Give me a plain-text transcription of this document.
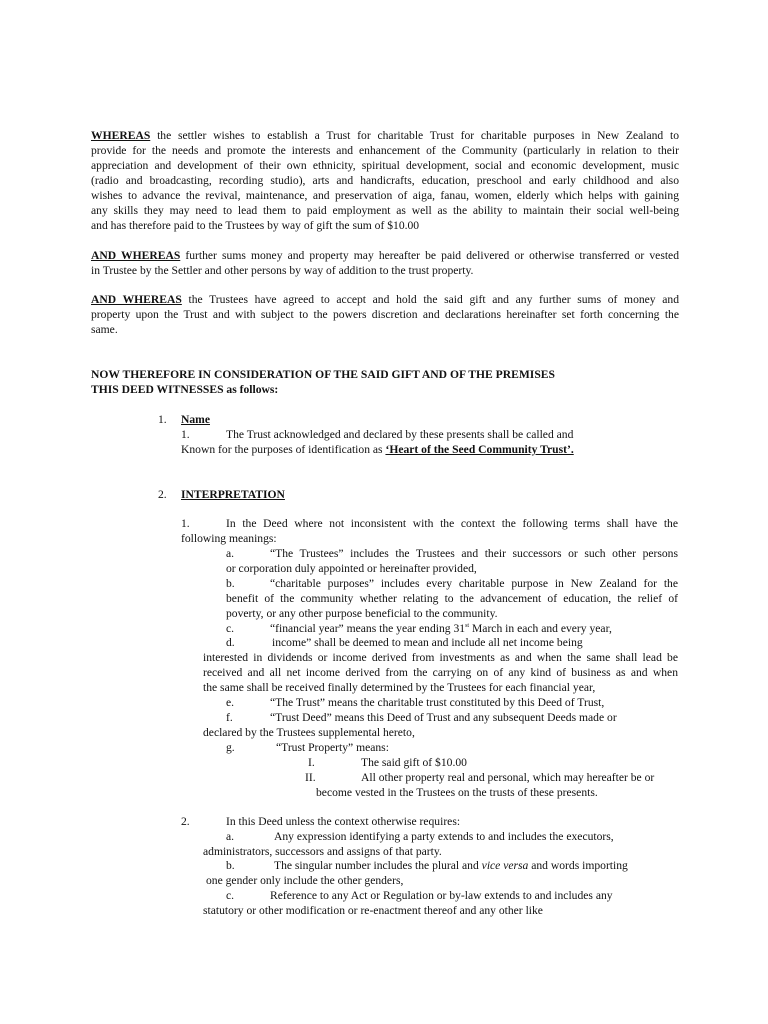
WHEREAS the settler wishes to establish a Trust for charitable Trust for charitable purposes in New Zealand to
provide for the needs and promote the interests and enhancement of the Community (particularly in relation to their
appreciation and development of their own ethnicity, spiritual development, social and economic development, music
(radio and broadcasting, recording studio), arts and handicrafts, education, preschool and early childhood and also
wishes to advance the revival, maintenance, and preservation of aiga, fanau, women, elderly which helps with gaining
any skills they may need to lead them to paid employment as well as the ability to maintain their social well-being
and has therefore paid to the Trustees by way of gift the sum of $10.00
AND WHEREAS further sums money and property may hereafter be paid delivered or otherwise transferred or vested
in Trustee by the Settler and other persons by way of addition to the trust property.
AND WHEREAS the Trustees have agreed to accept and hold the said gift and any further sums of money and
property upon the Trust and with subject to the powers discretion and declarations hereinafter set forth concerning the
same.
NOW THEREFORE IN CONSIDERATION OF THE SAID GIFT AND OF THE PREMISES
THIS DEED WITNESSES as follows:
1. Name
1.	The Trust acknowledged and declared by these presents shall be called and
Known for the purposes of identification as ‘Heart of the Seed Community Trust’.
2. INTERPRETATION
1.	In the Deed where not inconsistent with the context the following terms shall have the
following meanings:
a.	“The Trustees” includes the Trustees and their successors or such other persons
or corporation duly appointed or hereinafter provided,
b.	“charitable purposes” includes every charitable purpose in New Zealand for the
benefit of the community whether relating to the advancement of education, the relief of
poverty, or any other purpose beneficial to the community.
c.	“financial year” means the year ending 31st March in each and every year,
d.	income” shall be deemed to mean and include all net income being
interested in dividends or income derived from investments as and when the same shall lead be
received and all net income derived from the carrying on of any kind of business as and when
the same shall be received finally determined by the Trustees for each financial year,
e.	“The Trust” means the charitable trust constituted by this Deed of Trust,
f.	“Trust Deed” means this Deed of Trust and any subsequent Deeds made or
declared by the Trustees supplemental hereto,
g.	“Trust Property” means:
I.	The said gift of $10.00
II.	All other property real and personal, which may hereafter be or
become vested in the Trustees on the trusts of these presents.
2.	In this Deed unless the context otherwise requires:
a.	Any expression identifying a party extends to and includes the executors,
administrators, successors and assigns of that party.
b.	The singular number includes the plural and vice versa and words importing
one gender only include the other genders,
c.	Reference to any Act or Regulation or by-law extends to and includes any
statutory or other modification or re-enactment thereof and any other like
